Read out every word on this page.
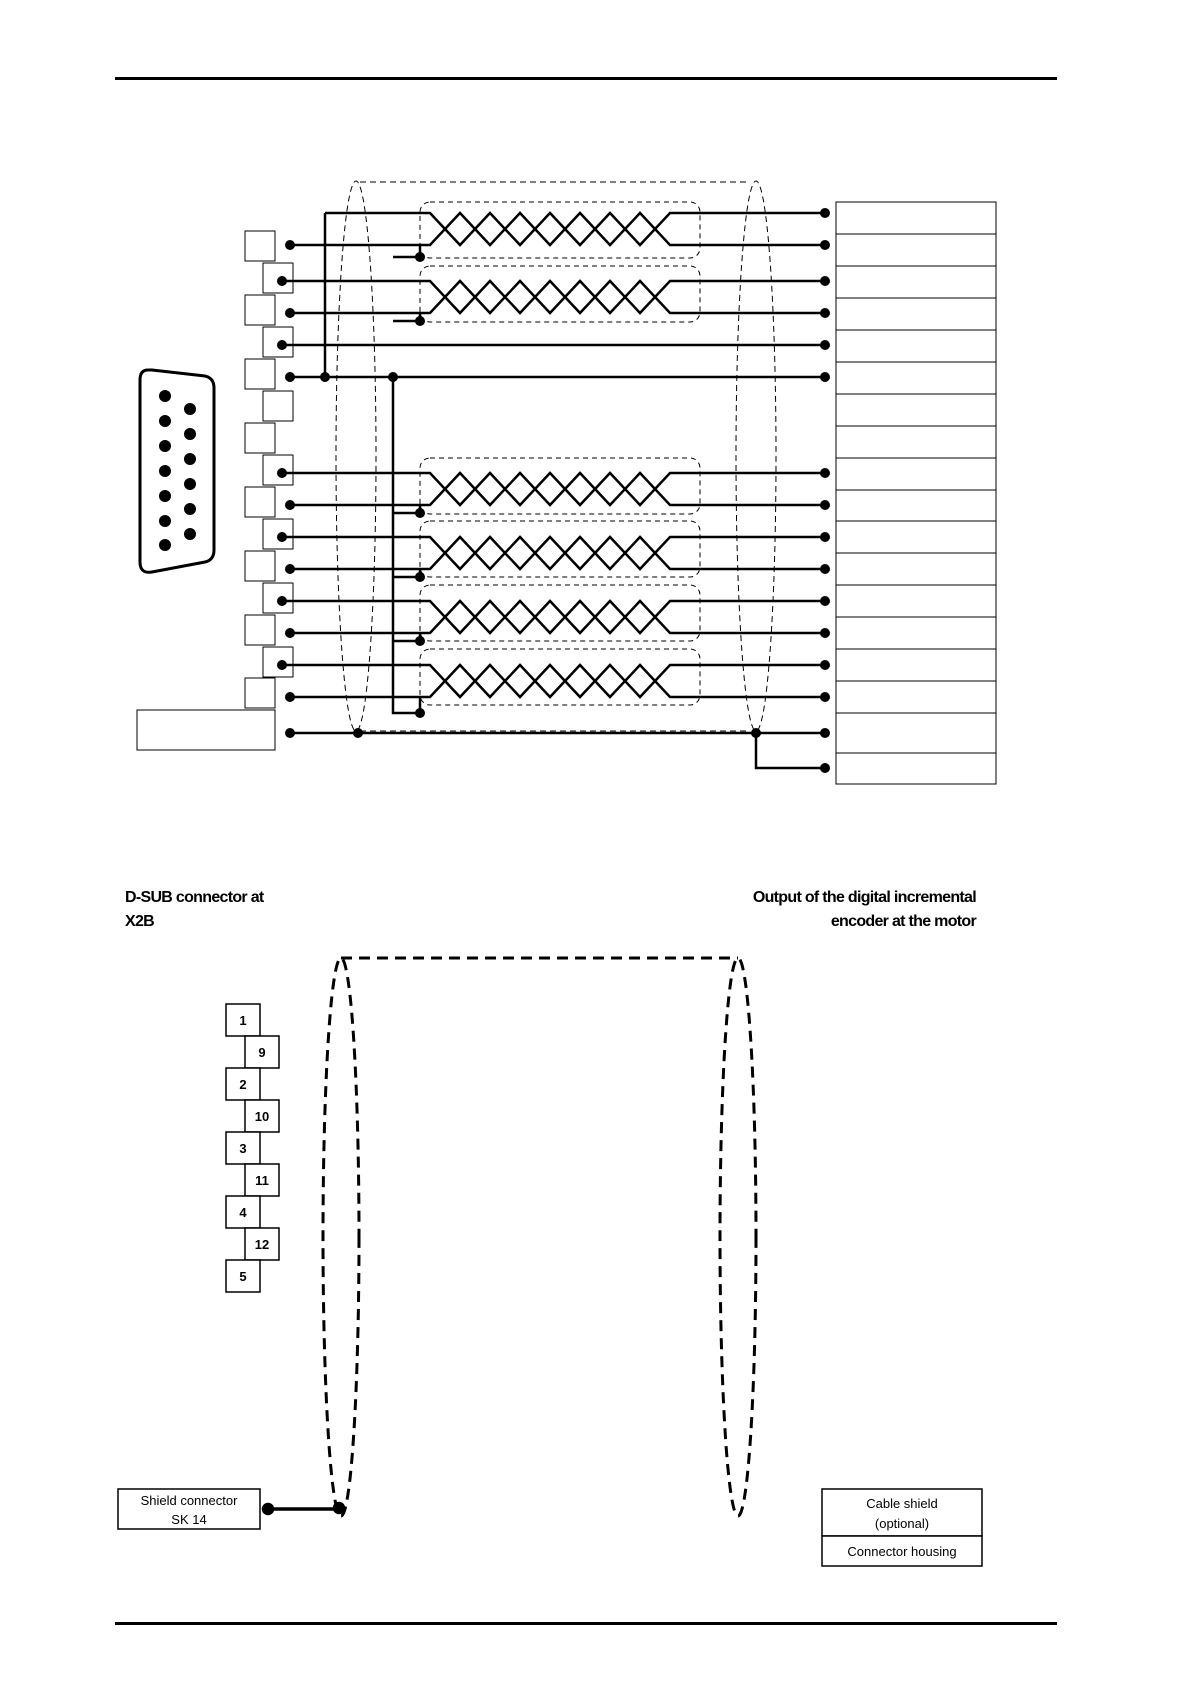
D-SUB connector at
X2B
Output of the digital incremental
encoder at the motor
1
9
2
10
3
11
4
12
5
Shield connector
SK 14
Cable shield
(optional)
Connector housing
